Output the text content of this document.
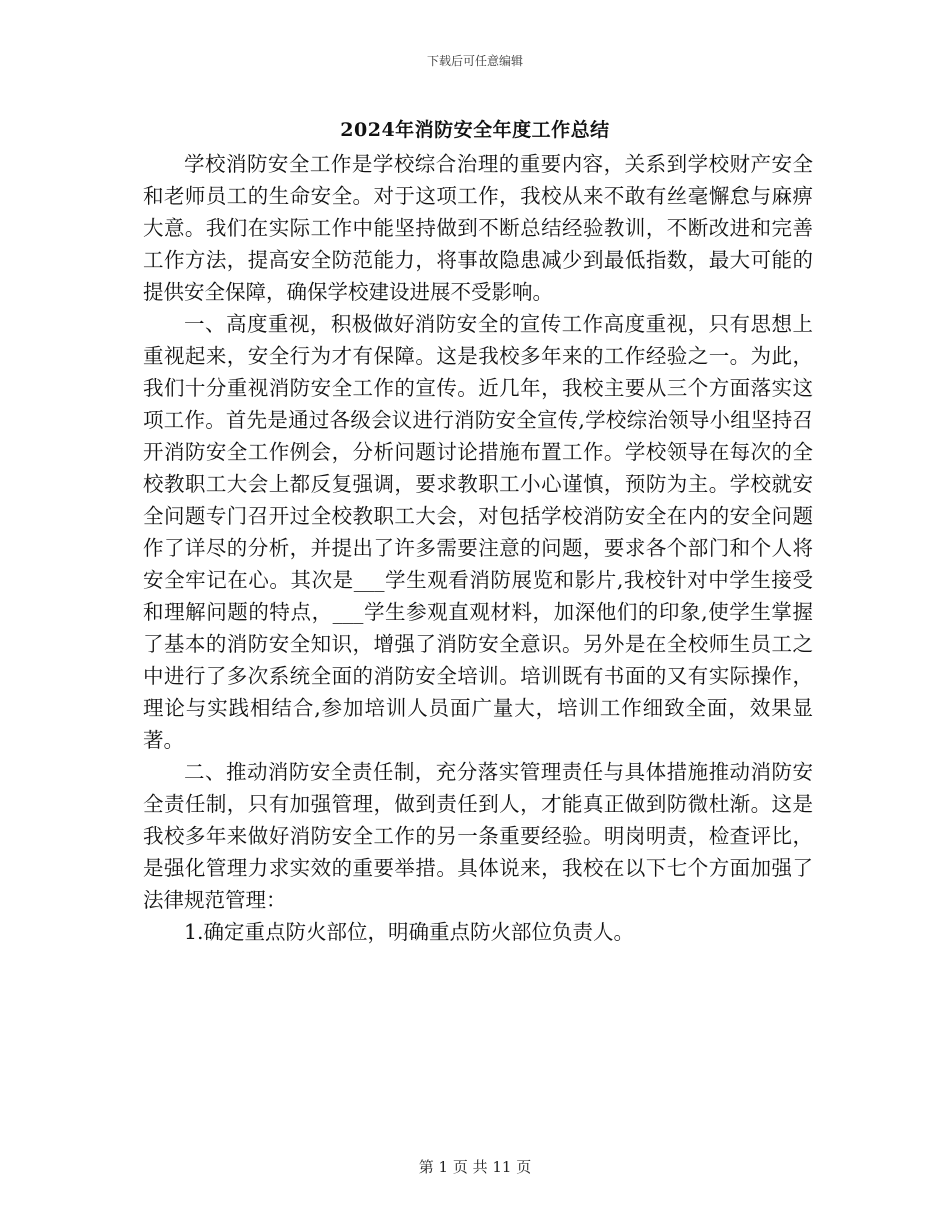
下载后可任意编辑
2024年消防安全年度工作总结

学校消防安全工作是学校综合治理的重要内容，关系到学校财产安全和老师员工的生命安全。对于这项工作，我校从来不敢有丝毫懈怠与麻痹大意。我们在实际工作中能坚持做到不断总结经验教训，不断改进和完善工作方法，提高安全防范能力，将事故隐患减少到最低指数，最大可能的提供安全保障，确保学校建设进展不受影响。

一、高度重视，积极做好消防安全的宣传工作高度重视，只有思想上重视起来，安全行为才有保障。这是我校多年来的工作经验之一。为此，我们十分重视消防安全工作的宣传。近几年，我校主要从三个方面落实这项工作。首先是通过各级会议进行消防安全宣传,学校综治领导小组坚持召开消防安全工作例会，分析问题讨论措施布置工作。学校领导在每次的全校教职工大会上都反复强调，要求教职工小心谨慎，预防为主。学校就安全问题专门召开过全校教职工大会，对包括学校消防安全在内的安全问题作了详尽的分析，并提出了许多需要注意的问题，要求各个部门和个人将安全牢记在心。其次是___学生观看消防展览和影片,我校针对中学生接受和理解问题的特点，___学生参观直观材料，加深他们的印象,使学生掌握了基本的消防安全知识，增强了消防安全意识。另外是在全校师生员工之中进行了多次系统全面的消防安全培训。培训既有书面的又有实际操作，理论与实践相结合,参加培训人员面广量大，培训工作细致全面，效果显著。

二、推动消防安全责任制，充分落实管理责任与具体措施推动消防安全责任制，只有加强管理，做到责任到人，才能真正做到防微杜渐。这是我校多年来做好消防安全工作的另一条重要经验。明岗明责，检查评比，是强化管理力求实效的重要举措。具体说来，我校在以下七个方面加强了法律规范管理：

1.确定重点防火部位，明确重点防火部位负责人。

第 1 页 共 11 页
